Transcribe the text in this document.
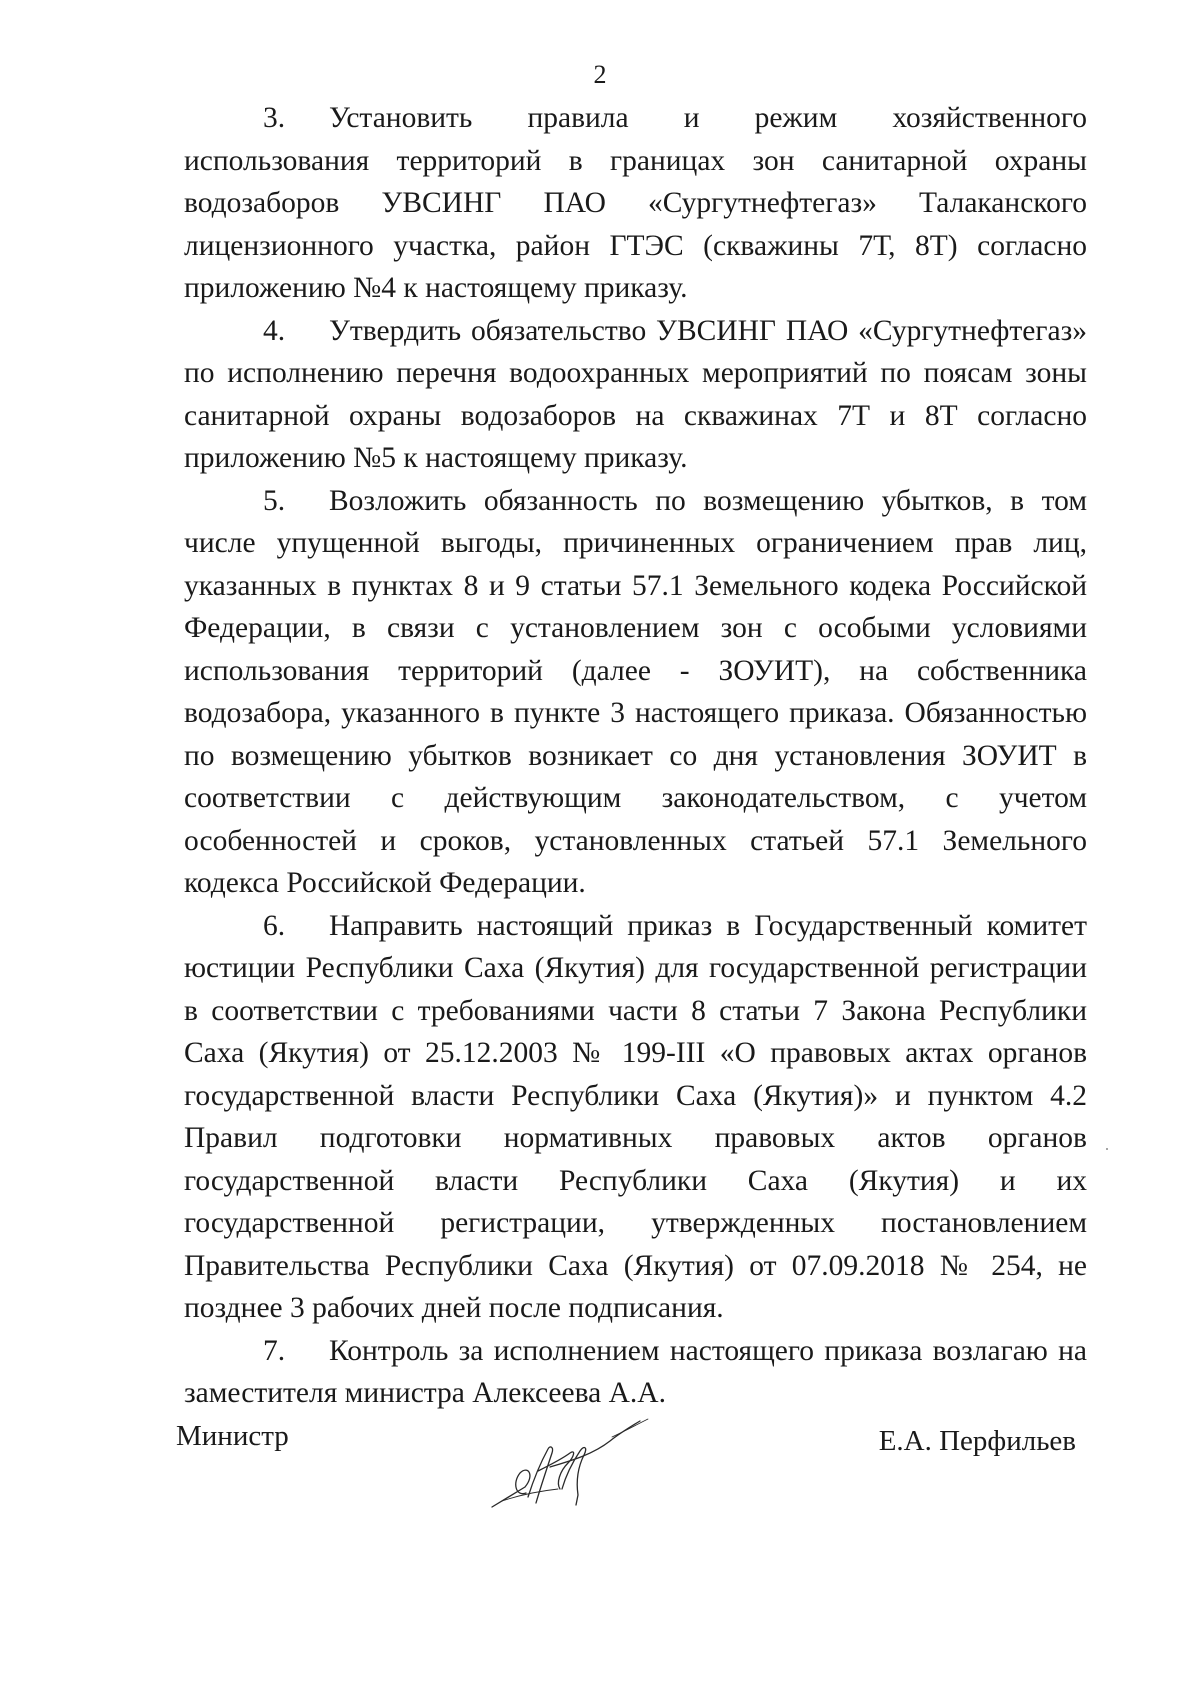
2

3. Установить правила и режим хозяйственного использования территорий в границах зон санитарной охраны водозаборов УВСИНГ ПАО «Сургутнефтегаз» Талаканского лицензионного участка, район ГТЭС (скважины 7Т, 8Т) согласно приложению №4 к настоящему приказу.

4. Утвердить обязательство УВСИНГ ПАО «Сургутнефтегаз» по исполнению перечня водоохранных мероприятий по поясам зоны санитарной охраны водозаборов на скважинах 7Т и 8Т согласно приложению №5 к настоящему приказу.

5. Возложить обязанность по возмещению убытков, в том числе упущенной выгоды, причиненных ограничением прав лиц, указанных в пунктах 8 и 9 статьи 57.1 Земельного кодека Российской Федерации, в связи с установлением зон с особыми условиями использования территорий (далее - ЗОУИТ), на собственника водозабора, указанного в пункте 3 настоящего приказа. Обязанностью по возмещению убытков возникает со дня установления ЗОУИТ в соответствии с действующим законодательством, с учетом особенностей и сроков, установленных статьей 57.1 Земельного кодекса Российской Федерации.

6. Направить настоящий приказ в Государственный комитет юстиции Республики Саха (Якутия) для государственной регистрации в соответствии с требованиями части 8 статьи 7 Закона Республики Саха (Якутия) от 25.12.2003 № 199-III «О правовых актах органов государственной власти Республики Саха (Якутия)» и пунктом 4.2 Правил подготовки нормативных правовых актов органов государственной власти Республики Саха (Якутия) и их государственной регистрации, утвержденных постановлением Правительства Республики Саха (Якутия) от 07.09.2018 № 254, не позднее 3 рабочих дней после подписания.

7. Контроль за исполнением настоящего приказа возлагаю на заместителя министра Алексеева А.А.

Министр	Е.А. Перфильев
